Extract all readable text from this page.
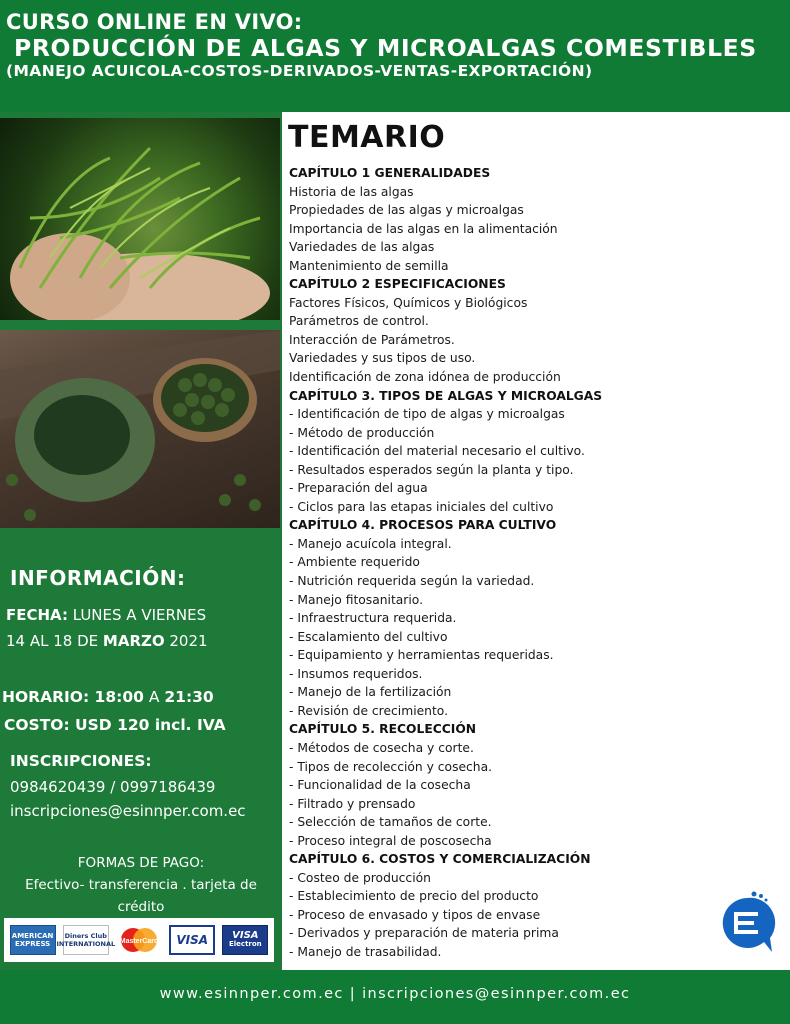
CURSO ONLINE EN VIVO:
PRODUCCIÓN DE ALGAS Y MICROALGAS COMESTIBLES
(MANEJO ACUICOLA-COSTOS-DERIVADOS-VENTAS-EXPORTACIÓN)
TEMARIO
CAPÍTULO 1 GENERALIDADES
Historia de las algas
Propiedades de las algas y microalgas
Importancia de las algas en la alimentación
Variedades de las algas
Mantenimiento de semilla
CAPÍTULO 2 ESPECIFICACIONES
Factores Físicos, Químicos y Biológicos
Parámetros de control.
Interacción de Parámetros.
Variedades y sus tipos de uso.
Identificación de zona idónea de producción
CAPÍTULO 3. TIPOS DE ALGAS Y MICROALGAS
- Identificación de tipo de algas y microalgas
- Método de producción
- Identificación del material necesario el cultivo.
- Resultados esperados según la planta y tipo.
- Preparación del agua
- Ciclos para las etapas iniciales del cultivo
CAPÍTULO 4. PROCESOS PARA CULTIVO
- Manejo acuícola integral.
- Ambiente requerido
- Nutrición requerida según la variedad.
- Manejo fitosanitario.
- Infraestructura requerida.
- Escalamiento del cultivo
- Equipamiento y herramientas requeridas.
- Insumos requeridos.
- Manejo de la fertilización
- Revisión de crecimiento.
CAPÍTULO 5. RECOLECCIÓN
- Métodos de cosecha y corte.
- Tipos de recolección y cosecha.
- Funcionalidad de la cosecha
- Filtrado y prensado
- Selección de tamaños de corte.
- Proceso integral de poscosecha
CAPÍTULO 6. COSTOS Y COMERCIALIZACIÓN
- Costeo de producción
- Establecimiento de precio del producto
- Proceso de envasado y tipos de envase
- Derivados y preparación de materia prima
- Manejo de trasabilidad.
INFORMACIÓN:
FECHA: LUNES A VIERNES
14 AL 18 DE MARZO 2021
HORARIO: 18:00 A 21:30
COSTO: USD 120 incl. IVA
INSCRIPCIONES:
0984620439 / 0997186439
inscripciones@esinnper.com.ec
FORMAS DE PAGO:
Efectivo- transferencia . tarjeta de crédito
AMERICAN EXPRESS
Diners Club INTERNATIONAL MasterCard	VISA	VISA
Electron
www.esinnper.com.ec | inscripciones@esinnper.com.ec
